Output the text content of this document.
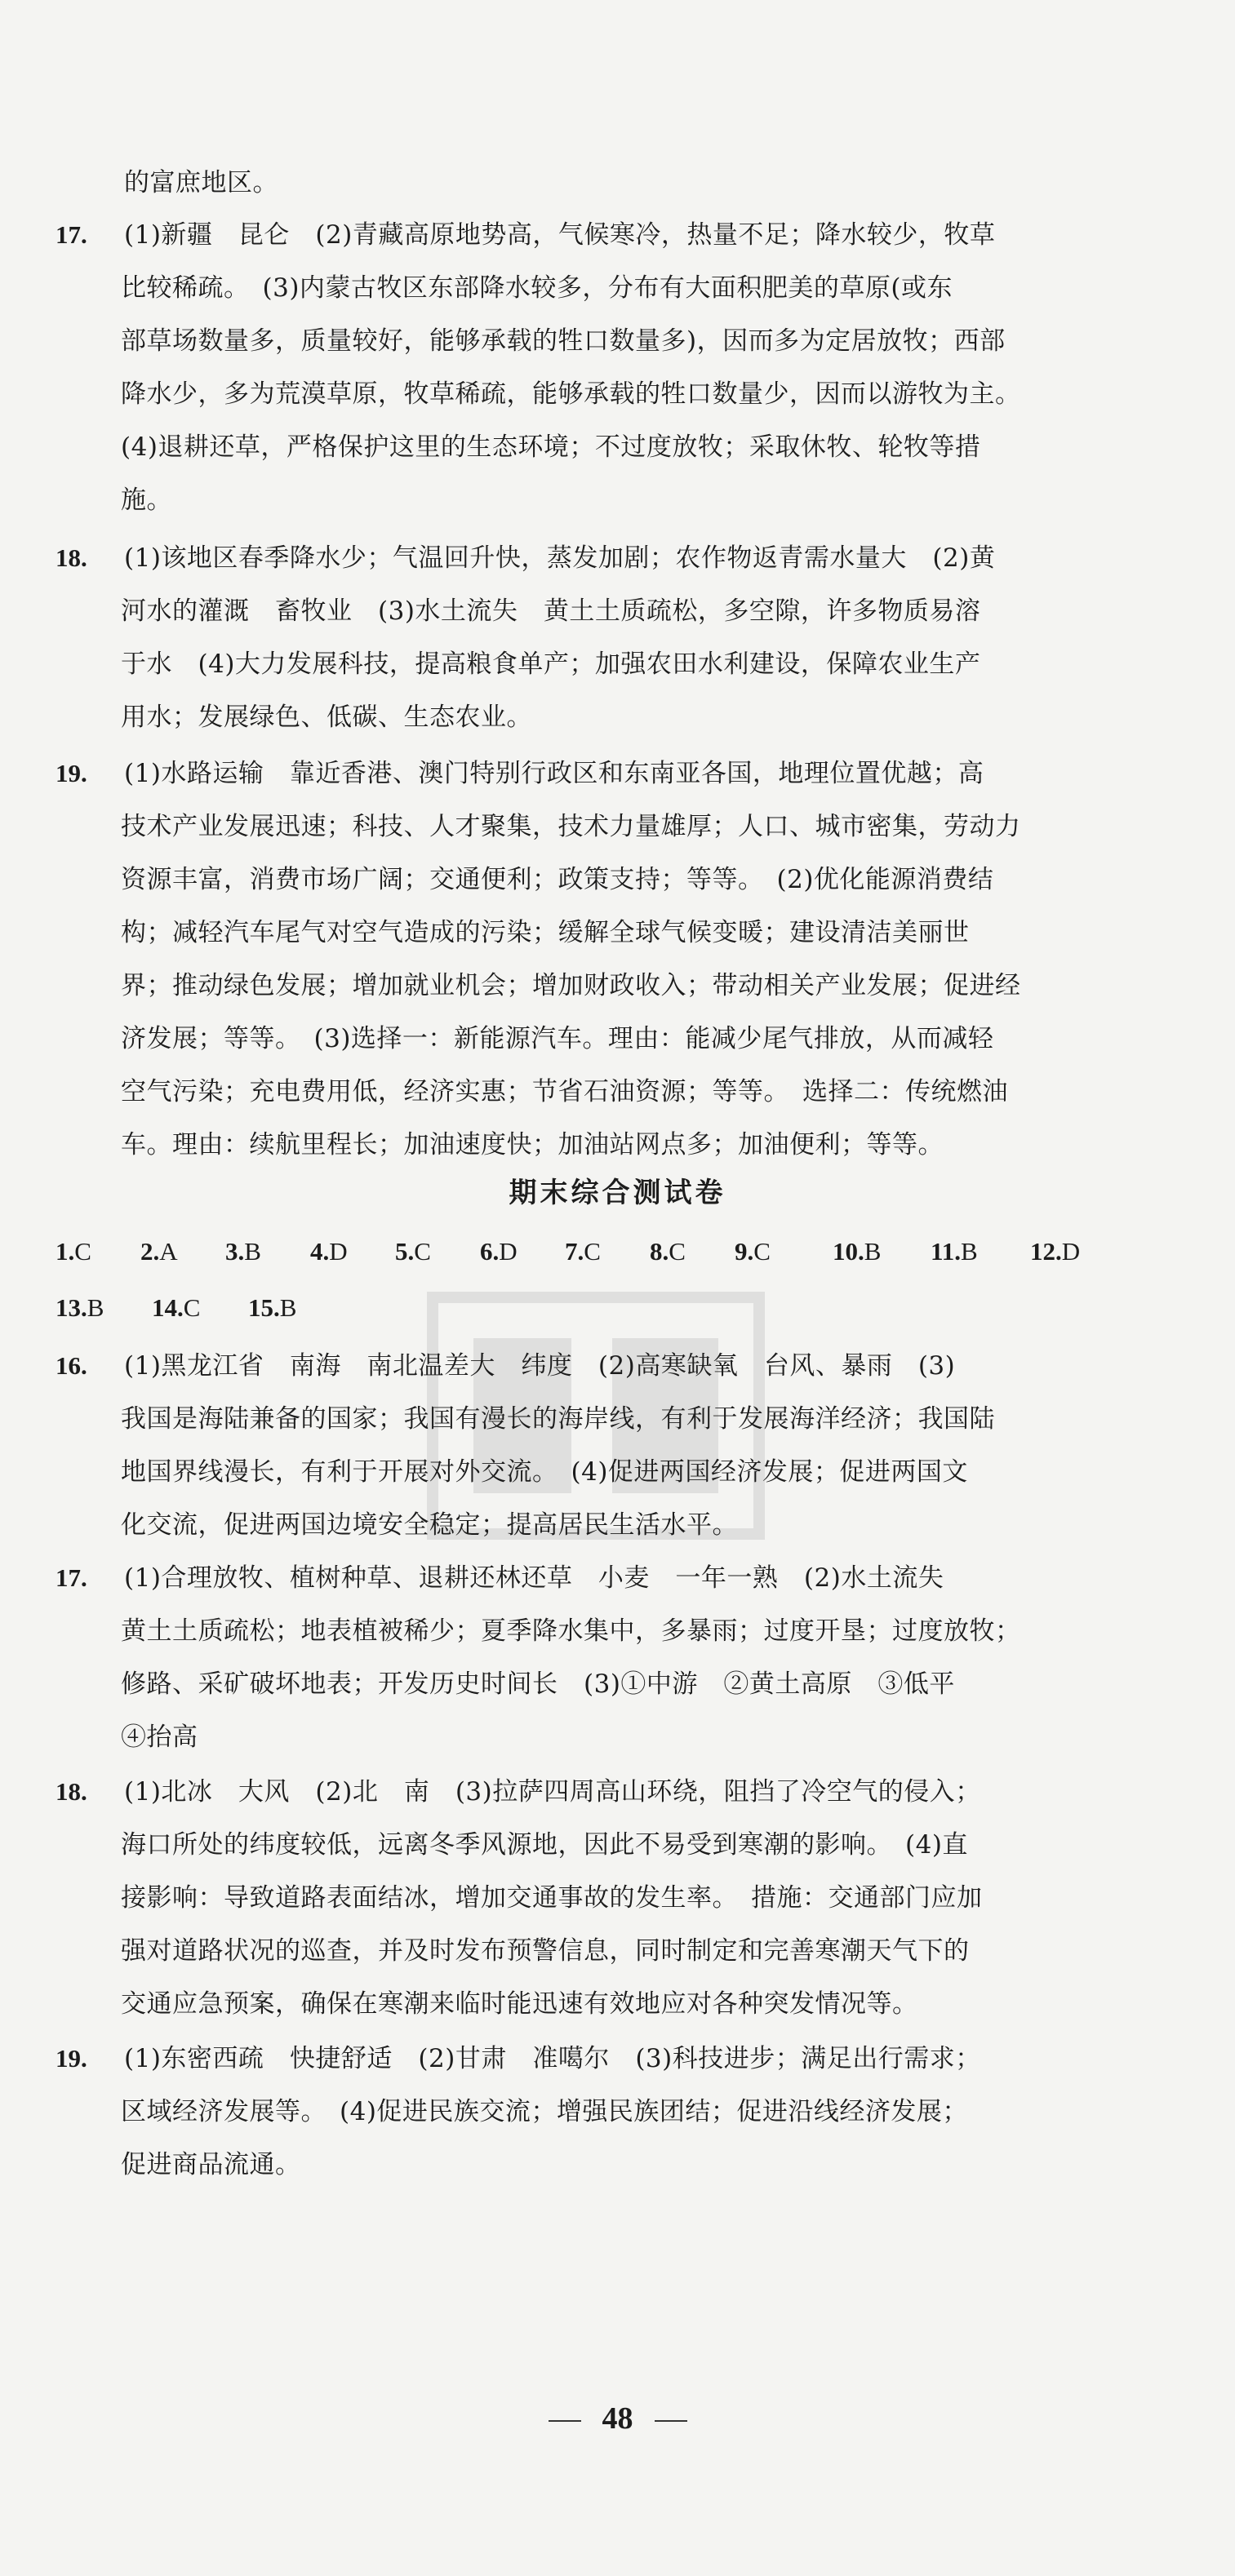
的富庶地区。
17. (1)新疆　昆仑　(2)青藏高原地势高，气候寒冷，热量不足；降水较少，牧草
比较稀疏。　(3)内蒙古牧区东部降水较多，分布有大面积肥美的草原(或东
部草场数量多，质量较好，能够承载的牲口数量多)，因而多为定居放牧；西部
降水少，多为荒漠草原，牧草稀疏，能够承载的牲口数量少，因而以游牧为主。
(4)退耕还草，严格保护这里的生态环境；不过度放牧；采取休牧、轮牧等措
施。
18. (1)该地区春季降水少；气温回升快，蒸发加剧；农作物返青需水量大　(2)黄
河水的灌溉　畜牧业　(3)水土流失　黄土土质疏松，多空隙，许多物质易溶
于水　(4)大力发展科技，提高粮食单产；加强农田水利建设，保障农业生产
用水；发展绿色、低碳、生态农业。
19. (1)水路运输　靠近香港、澳门特别行政区和东南亚各国，地理位置优越；高
技术产业发展迅速；科技、人才聚集，技术力量雄厚；人口、城市密集，劳动力
资源丰富，消费市场广阔；交通便利；政策支持；等等。　(2)优化能源消费结
构；减轻汽车尾气对空气造成的污染；缓解全球气候变暖；建设清洁美丽世
界；推动绿色发展；增加就业机会；增加财政收入；带动相关产业发展；促进经
济发展；等等。　(3)选择一：新能源汽车。理由：能减少尾气排放，从而减轻
空气污染；充电费用低，经济实惠；节省石油资源；等等。　选择二：传统燃油
车。理由：续航里程长；加油速度快；加油站网点多；加油便利；等等。
期末综合测试卷
1.C 2.A 3.B 4.D 5.C 6.D 7.C 8.C 9.C 10.B 11.B 12.D
13.B 14.C 15.B
16. (1)黑龙江省　南海　南北温差大　纬度　(2)高寒缺氧　台风、暴雨　(3)
我国是海陆兼备的国家；我国有漫长的海岸线，有利于发展海洋经济；我国陆
地国界线漫长，有利于开展对外交流。　(4)促进两国经济发展；促进两国文
化交流，促进两国边境安全稳定；提高居民生活水平。
17. (1)合理放牧、植树种草、退耕还林还草　小麦　一年一熟　(2)水土流失
黄土土质疏松；地表植被稀少；夏季降水集中，多暴雨；过度开垦；过度放牧；
修路、采矿破坏地表；开发历史时间长　(3)①中游　②黄土高原　③低平
④抬高
18. (1)北冰　大风　(2)北　南　(3)拉萨四周高山环绕，阻挡了冷空气的侵入；
海口所处的纬度较低，远离冬季风源地，因此不易受到寒潮的影响。　(4)直
接影响：导致道路表面结冰，增加交通事故的发生率。　措施：交通部门应加
强对道路状况的巡查，并及时发布预警信息，同时制定和完善寒潮天气下的
交通应急预案，确保在寒潮来临时能迅速有效地应对各种突发情况等。
19. (1)东密西疏　快捷舒适　(2)甘肃　准噶尔　(3)科技进步；满足出行需求；
区域经济发展等。　(4)促进民族交流；增强民族团结；促进沿线经济发展；
促进商品流通。
48
